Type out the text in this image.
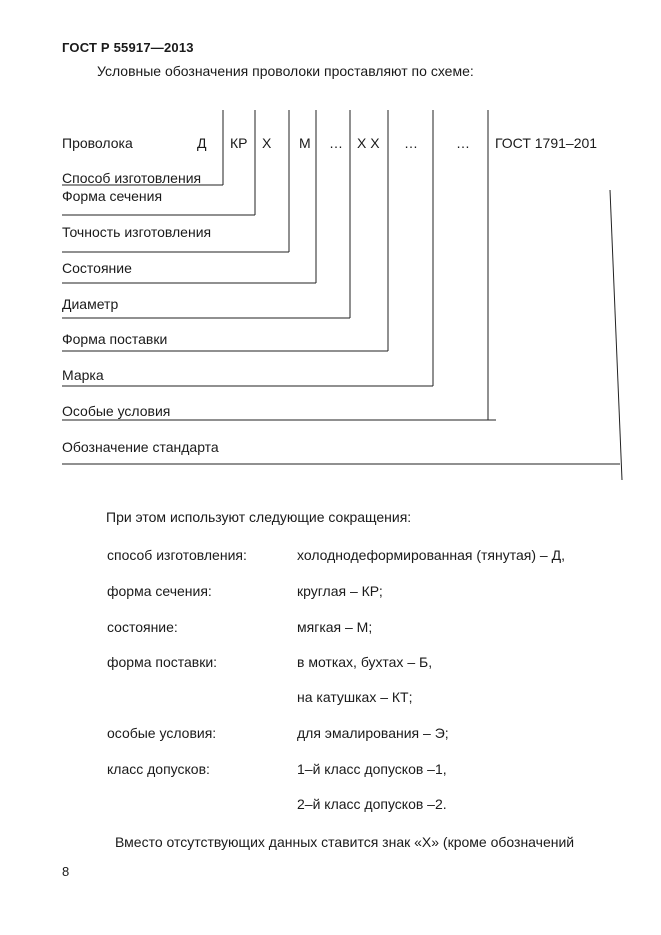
ГОСТ Р 55917—2013
Условные обозначения проволоки проставляют по схеме:
Проволока	Д КР Х М … Х Х …	… ГОСТ 1791–201
Способ изготовления
Форма сечения
Точность изготовления
Состояние
Диаметр
Форма поставки
Марка
Особые условия
Обозначение стандарта
При этом используют следующие сокращения:
способ изготовления:	холоднодеформированная (тянутая) – Д,
форма сечения:	круглая – КР;
состояние:	мягкая – М;
форма поставки:	в мотках, бухтах – Б,
на катушках – КТ;
особые условия:	для эмалирования – Э;
класс допусков:	1–й класс допусков –1,
2–й класс допусков –2.
Вместо отсутствующих данных ставится знак «Х» (кроме обозначений
8
